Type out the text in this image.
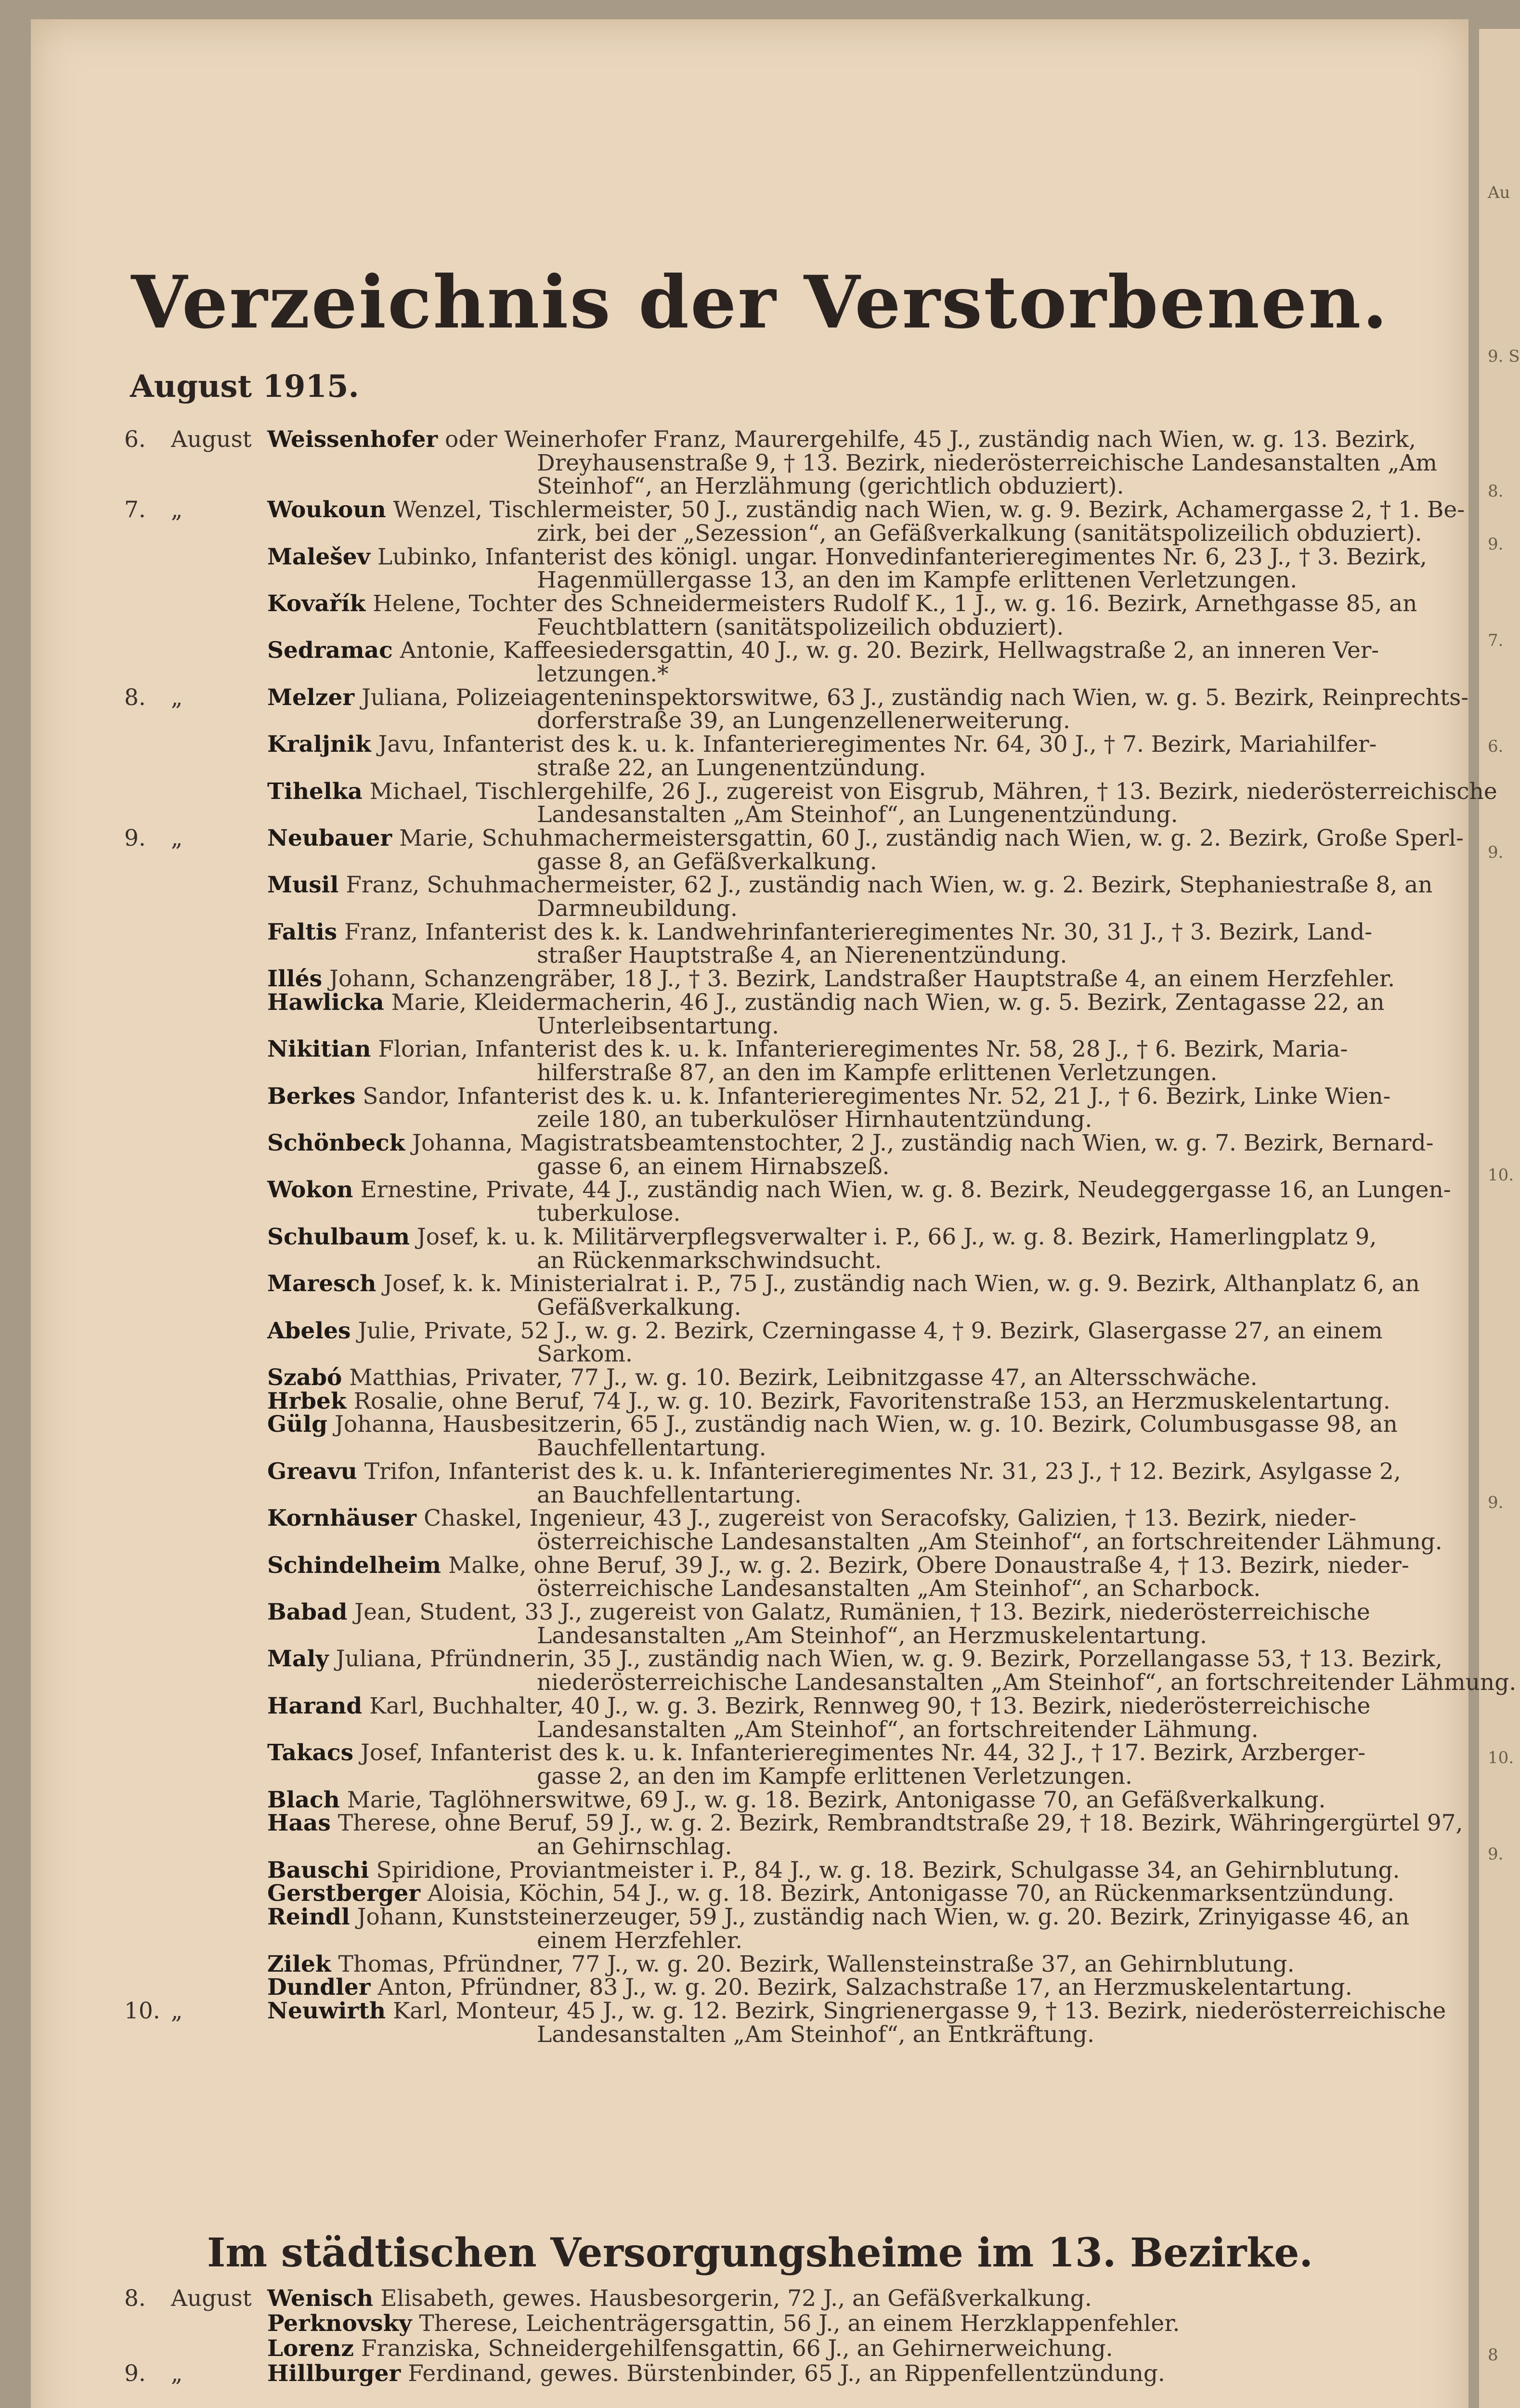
Au
9. S
8.
9.
7.
6.
9.
10.
9.
10.
9.
8
Verzeichnis der Verstorbenen.
August 1915.
6. August Weissenhofer oder Weinerhofer Franz, Maurergehilfe, 45 J., zuständig nach Wien, w. g. 13. Bezirk,
Dreyhausenstraße 9, † 13. Bezirk, niederösterreichische Landesanstalten „Am
Steinhof“, an Herzlähmung (gerichtlich obduziert).
7. „	Woukoun Wenzel, Tischlermeister, 50 J., zuständig nach Wien, w. g. 9. Bezirk, Achamergasse 2, † 1. Be-
zirk, bei der „Sezession“, an Gefäßverkalkung (sanitätspolizeilich obduziert).
Malešev Lubinko, Infanterist des königl. ungar. Honvedinfanterieregimentes Nr. 6, 23 J., † 3. Bezirk,
Hagenmüllergasse 13, an den im Kampfe erlittenen Verletzungen.
Kovařík Helene, Tochter des Schneidermeisters Rudolf K., 1 J., w. g. 16. Bezirk, Arnethgasse 85, an
Feuchtblattern (sanitätspolizeilich obduziert).
Sedramac Antonie, Kaffeesiedersgattin, 40 J., w. g. 20. Bezirk, Hellwagstraße 2, an inneren Ver-
letzungen.*
8. „	Melzer Juliana, Polizeiagenteninspektorswitwe, 63 J., zuständig nach Wien, w. g. 5. Bezirk, Reinprechts-
dorferstraße 39, an Lungenzellenerweiterung.
Kraljnik Javu, Infanterist des k. u. k. Infanterieregimentes Nr. 64, 30 J., † 7. Bezirk, Mariahilfer-
straße 22, an Lungenentzündung.
Tihelka Michael, Tischlergehilfe, 26 J., zugereist von Eisgrub, Mähren, † 13. Bezirk, niederösterreichische
Landesanstalten „Am Steinhof“, an Lungenentzündung.
9. „	Neubauer Marie, Schuhmachermeistersgattin, 60 J., zuständig nach Wien, w. g. 2. Bezirk, Große Sperl-
gasse 8, an Gefäßverkalkung.
Musil Franz, Schuhmachermeister, 62 J., zuständig nach Wien, w. g. 2. Bezirk, Stephaniestraße 8, an
Darmneubildung.
Faltis Franz, Infanterist des k. k. Landwehrinfanterieregimentes Nr. 30, 31 J., † 3. Bezirk, Land-
straßer Hauptstraße 4, an Nierenentzündung.
Illés Johann, Schanzengräber, 18 J., † 3. Bezirk, Landstraßer Hauptstraße 4, an einem Herzfehler.
Hawlicka Marie, Kleidermacherin, 46 J., zuständig nach Wien, w. g. 5. Bezirk, Zentagasse 22, an
Unterleibsentartung.
Nikitian Florian, Infanterist des k. u. k. Infanterieregimentes Nr. 58, 28 J., † 6. Bezirk, Maria-
hilferstraße 87, an den im Kampfe erlittenen Verletzungen.
Berkes Sandor, Infanterist des k. u. k. Infanterieregimentes Nr. 52, 21 J., † 6. Bezirk, Linke Wien-
zeile 180, an tuberkulöser Hirnhautentzündung.
Schönbeck Johanna, Magistratsbeamtenstochter, 2 J., zuständig nach Wien, w. g. 7. Bezirk, Bernard-
gasse 6, an einem Hirnabszeß.
Wokon Ernestine, Private, 44 J., zuständig nach Wien, w. g. 8. Bezirk, Neudeggergasse 16, an Lungen-
tuberkulose.
Schulbaum Josef, k. u. k. Militärverpflegsverwalter i. P., 66 J., w. g. 8. Bezirk, Hamerlingplatz 9,
an Rückenmarkschwindsucht.
Maresch Josef, k. k. Ministerialrat i. P., 75 J., zuständig nach Wien, w. g. 9. Bezirk, Althanplatz 6, an
Gefäßverkalkung.
Abeles Julie, Private, 52 J., w. g. 2. Bezirk, Czerningasse 4, † 9. Bezirk, Glasergasse 27, an einem
Sarkom.
Szabó Matthias, Privater, 77 J., w. g. 10. Bezirk, Leibnitzgasse 47, an Altersschwäche.
Hrbek Rosalie, ohne Beruf, 74 J., w. g. 10. Bezirk, Favoritenstraße 153, an Herzmuskelentartung.
Gülg Johanna, Hausbesitzerin, 65 J., zuständig nach Wien, w. g. 10. Bezirk, Columbusgasse 98, an
Bauchfellentartung.
Greavu Trifon, Infanterist des k. u. k. Infanterieregimentes Nr. 31, 23 J., † 12. Bezirk, Asylgasse 2,
an Bauchfellentartung.
Kornhäuser Chaskel, Ingenieur, 43 J., zugereist von Seracofsky, Galizien, † 13. Bezirk, nieder-
österreichische Landesanstalten „Am Steinhof“, an fortschreitender Lähmung.
Schindelheim Malke, ohne Beruf, 39 J., w. g. 2. Bezirk, Obere Donaustraße 4, † 13. Bezirk, nieder-
österreichische Landesanstalten „Am Steinhof“, an Scharbock.
Babad Jean, Student, 33 J., zugereist von Galatz, Rumänien, † 13. Bezirk, niederösterreichische
Landesanstalten „Am Steinhof“, an Herzmuskelentartung.
Maly Juliana, Pfründnerin, 35 J., zuständig nach Wien, w. g. 9. Bezirk, Porzellangasse 53, † 13. Bezirk,
niederösterreichische Landesanstalten „Am Steinhof“, an fortschreitender Lähmung.
Harand Karl, Buchhalter, 40 J., w. g. 3. Bezirk, Rennweg 90, † 13. Bezirk, niederösterreichische
Landesanstalten „Am Steinhof“, an fortschreitender Lähmung.
Takacs Josef, Infanterist des k. u. k. Infanterieregimentes Nr. 44, 32 J., † 17. Bezirk, Arzberger-
gasse 2, an den im Kampfe erlittenen Verletzungen.
Blach Marie, Taglöhnerswitwe, 69 J., w. g. 18. Bezirk, Antonigasse 70, an Gefäßverkalkung.
Haas Therese, ohne Beruf, 59 J., w. g. 2. Bezirk, Rembrandtstraße 29, † 18. Bezirk, Währingergürtel 97,
an Gehirnschlag.
Bauschi Spiridione, Proviantmeister i. P., 84 J., w. g. 18. Bezirk, Schulgasse 34, an Gehirnblutung.
Gerstberger Aloisia, Köchin, 54 J., w. g. 18. Bezirk, Antonigasse 70, an Rückenmarksentzündung.
Reindl Johann, Kunststeinerzeuger, 59 J., zuständig nach Wien, w. g. 20. Bezirk, Zrinyigasse 46, an
einem Herzfehler.
Zilek Thomas, Pfründner, 77 J., w. g. 20. Bezirk, Wallensteinstraße 37, an Gehirnblutung.
Dundler Anton, Pfründner, 83 J., w. g. 20. Bezirk, Salzachstraße 17, an Herzmuskelentartung.
10. „	Neuwirth Karl, Monteur, 45 J., w. g. 12. Bezirk, Singrienergasse 9, † 13. Bezirk, niederösterreichische
Landesanstalten „Am Steinhof“, an Entkräftung.
Im städtischen Versorgungsheime im 13. Bezirke.
8. August Wenisch Elisabeth, gewes. Hausbesorgerin, 72 J., an Gefäßverkalkung.
Perknovsky Therese, Leichenträgersgattin, 56 J., an einem Herzklappenfehler.
Lorenz Franziska, Schneidergehilfensgattin, 66 J., an Gehirnerweichung.
9. „	Hillburger Ferdinand, gewes. Bürstenbinder, 65 J., an Rippenfellentzündung.
